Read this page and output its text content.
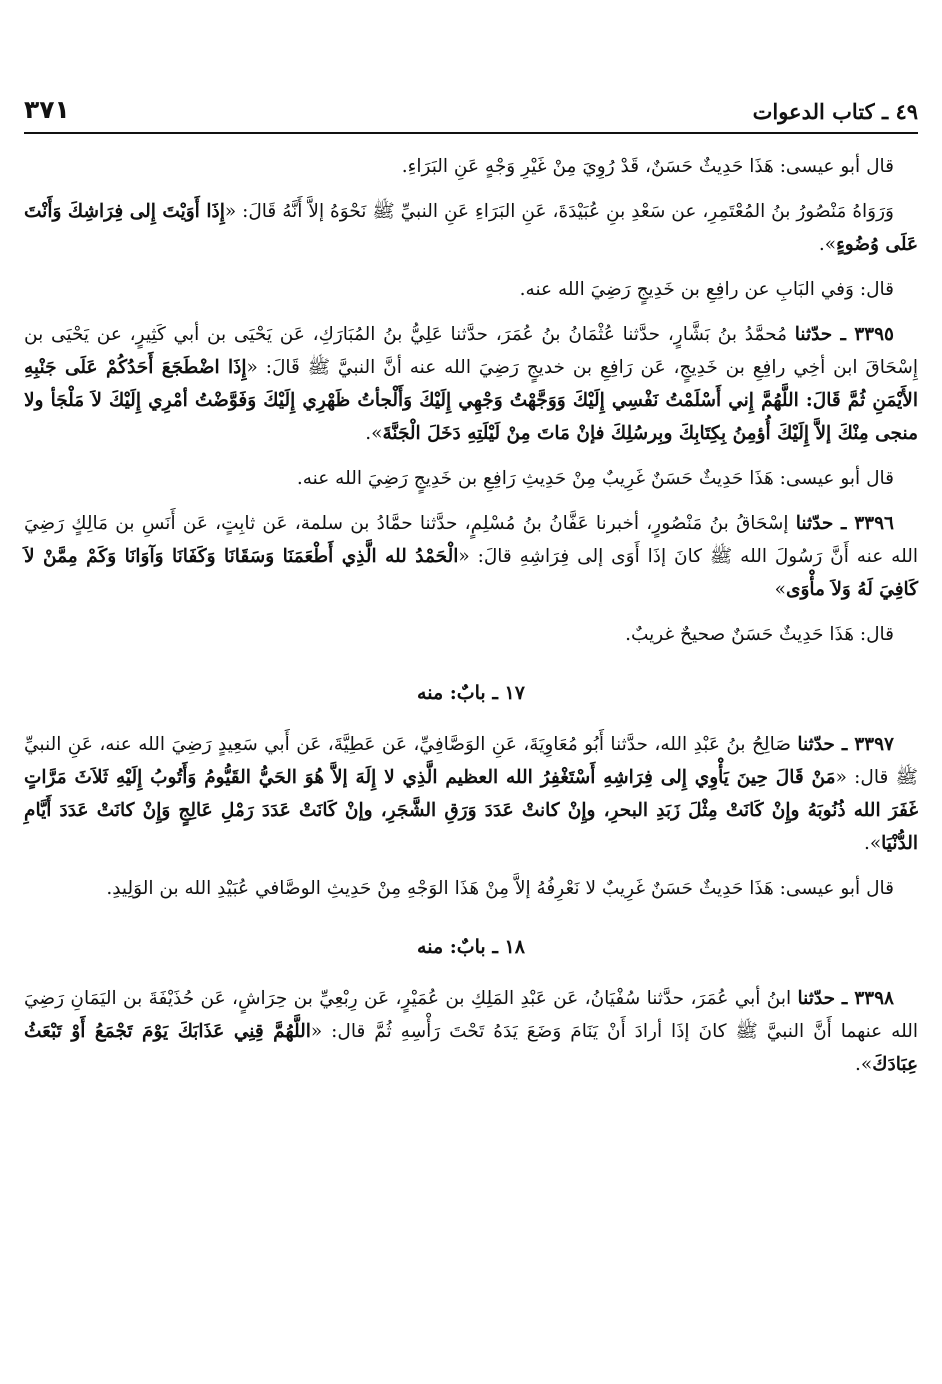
٤٩ ـ كتاب الدعوات
٣٧١

قال أبو عيسى: هَذَا حَدِيثٌ حَسَنٌ، قَدْ رُوِيَ مِنْ غَيْرِ وَجْهٍ عَنِ البَرَاءِ.

وَرَوَاهُ مَنْصُورُ بنُ المُعْتَمِرِ، عن سَعْدِ بنِ عُبَيْدَةَ، عَنِ البَرَاءِ عَنِ النبيِّ ﷺ نَحْوَهُ إلاَّ أَنَّهُ قَالَ: «إِذَا أَوَيْتَ إِلى فِرَاشِكَ وَأَنْتَ عَلَى وُضُوءٍ».

قال: وَفي البَابِ عن رافِعِ بن خَدِيجٍ رَضِيَ الله عنه.

٣٣٩٥ ـ حدّثنا مُحمَّدُ بنُ بَشَّارٍ، حدَّثنا عُثْمَانُ بنُ عُمَرَ، حدَّثنا عَلِيُّ بنُ المُبَارَكِ، عَن يَحْيَى بن أبي كَثِيرٍ، عن يَحْيَى بن إِسْحَاقَ ابن أخِي رافِعِ بن خَدِيجٍ، عَن رَافِعِ بن خديجٍ رَضِيَ الله عنه أنَّ النبيَّ ﷺ قَالَ: «إِذَا اضْطَجَعَ أَحَدُكُمْ عَلَى جَنْبِهِ الأَيْمَنِ ثُمَّ قَالَ: اللَّهُمَّ إِني أَسْلَمْتُ نَفْسِي إِلَيْكَ وَوَجَّهْتُ وَجْهِي إِلَيْكَ وَأَلْجأتُ ظَهْرِي إِلَيْكَ وَفَوَّضْتُ أمْرِي إِلَيْكَ لاَ مَلْجَأ ولا منجى مِنْكَ إلاَّ إِلَيْكَ أُؤمِنُ بِكِتَابِكَ وبِرسُلِكَ فإنْ مَاتَ مِنْ لَيْلَتِهِ دَخَلَ الْجَنَّةَ».

قال أبو عيسى: هَذَا حَدِيثٌ حَسَنٌ غَرِيبٌ مِنْ حَدِيثِ رَافِعِ بن خَدِيجٍ رَضِيَ الله عنه.

٣٣٩٦ ـ حدّثنا إسْحَاقُ بنُ مَنْصُورٍ، أخبرنا عَفَّانُ بنُ مُسْلِمٍ، حدَّثنا حمَّادُ بن سلمة، عَن ثابِتٍ، عَن أَنَسِ بن مَالِكٍ رَضِيَ الله عنه أَنَّ رَسُولَ الله ﷺ كانَ إذَا أَوَى إلى فِرَاشِهِ قالَ: «الْحَمْدُ لله الَّذِي أَطْعَمَنَا وَسَقَانَا وَكَفَانَا وَآوَانَا وَكَمْ مِمَّنْ لاَ كَافِيَ لَهُ وَلاَ مأْوَى»

قال: هَذَا حَدِيثٌ حَسَنٌ صحيحٌ غريبٌ.

١٧ ـ بابٌ: منه

٣٣٩٧ ـ حدّثنا صَالِحُ بنُ عَبْدِ الله، حدَّثنا أَبُو مُعَاوِيَةَ، عَنِ الوَصَّافِيِّ، عَن عَطِيَّةَ، عَن أَبي سَعِيدٍ رَضِيَ الله عنه، عَنِ النبيِّ ﷺ قال: «مَنْ قَالَ حِينَ يَأْوِي إِلى فِرَاشِهِ أَسْتَغْفِرُ الله العظيم الَّذِي لا إِلَهَ إلاَّ هُوَ الحَيُّ القَيُّومُ وَأَتُوبُ إِلَيْهِ ثَلاَثَ مَرَّاتٍ غَفَرَ الله ذُنُوبَهُ وإِنْ كَانَتْ مِثْلَ زَبَدِ البحرِ، وإِنْ كانتْ عَدَدَ وَرَقِ الشَّجَرِ، وإنْ كَانَتْ عَدَدَ رَمْلِ عَالِجٍ وَإِنْ كانَتْ عَدَدَ أَيَّامِ الدُّنْيَا».

قال أبو عيسى: هَذَا حَدِيثٌ حَسَنٌ غَرِيبٌ لا نَعْرِفُهُ إلاَّ مِنْ هَذَا الوَجْهِ مِنْ حَدِيثِ الوصَّافي عُبَيْدِ الله بن الوَلِيدِ.

١٨ ـ بابٌ: منه

٣٣٩٨ ـ حدّثنا ابنُ أبي عُمَرَ، حدَّثنا سُفْيَانُ، عَن عَبْدِ المَلِكِ بن عُمَيْرٍ، عَن رِبْعِيِّ بن حِرَاشٍ، عَن حُذَيْفَةَ بن اليَمَانِ رَضِيَ الله عنهما أَنَّ النبيَّ ﷺ كانَ إذَا أرادَ أَنْ يَنَامَ وَضَعَ يَدَهُ تَحْتَ رَأْسِهِ ثُمَّ قال: «اللَّهُمَّ قِنِي عَذَابَكَ يَوْمَ تَجْمَعُ أَوْ تَبْعَثُ عِبَادَكَ».
